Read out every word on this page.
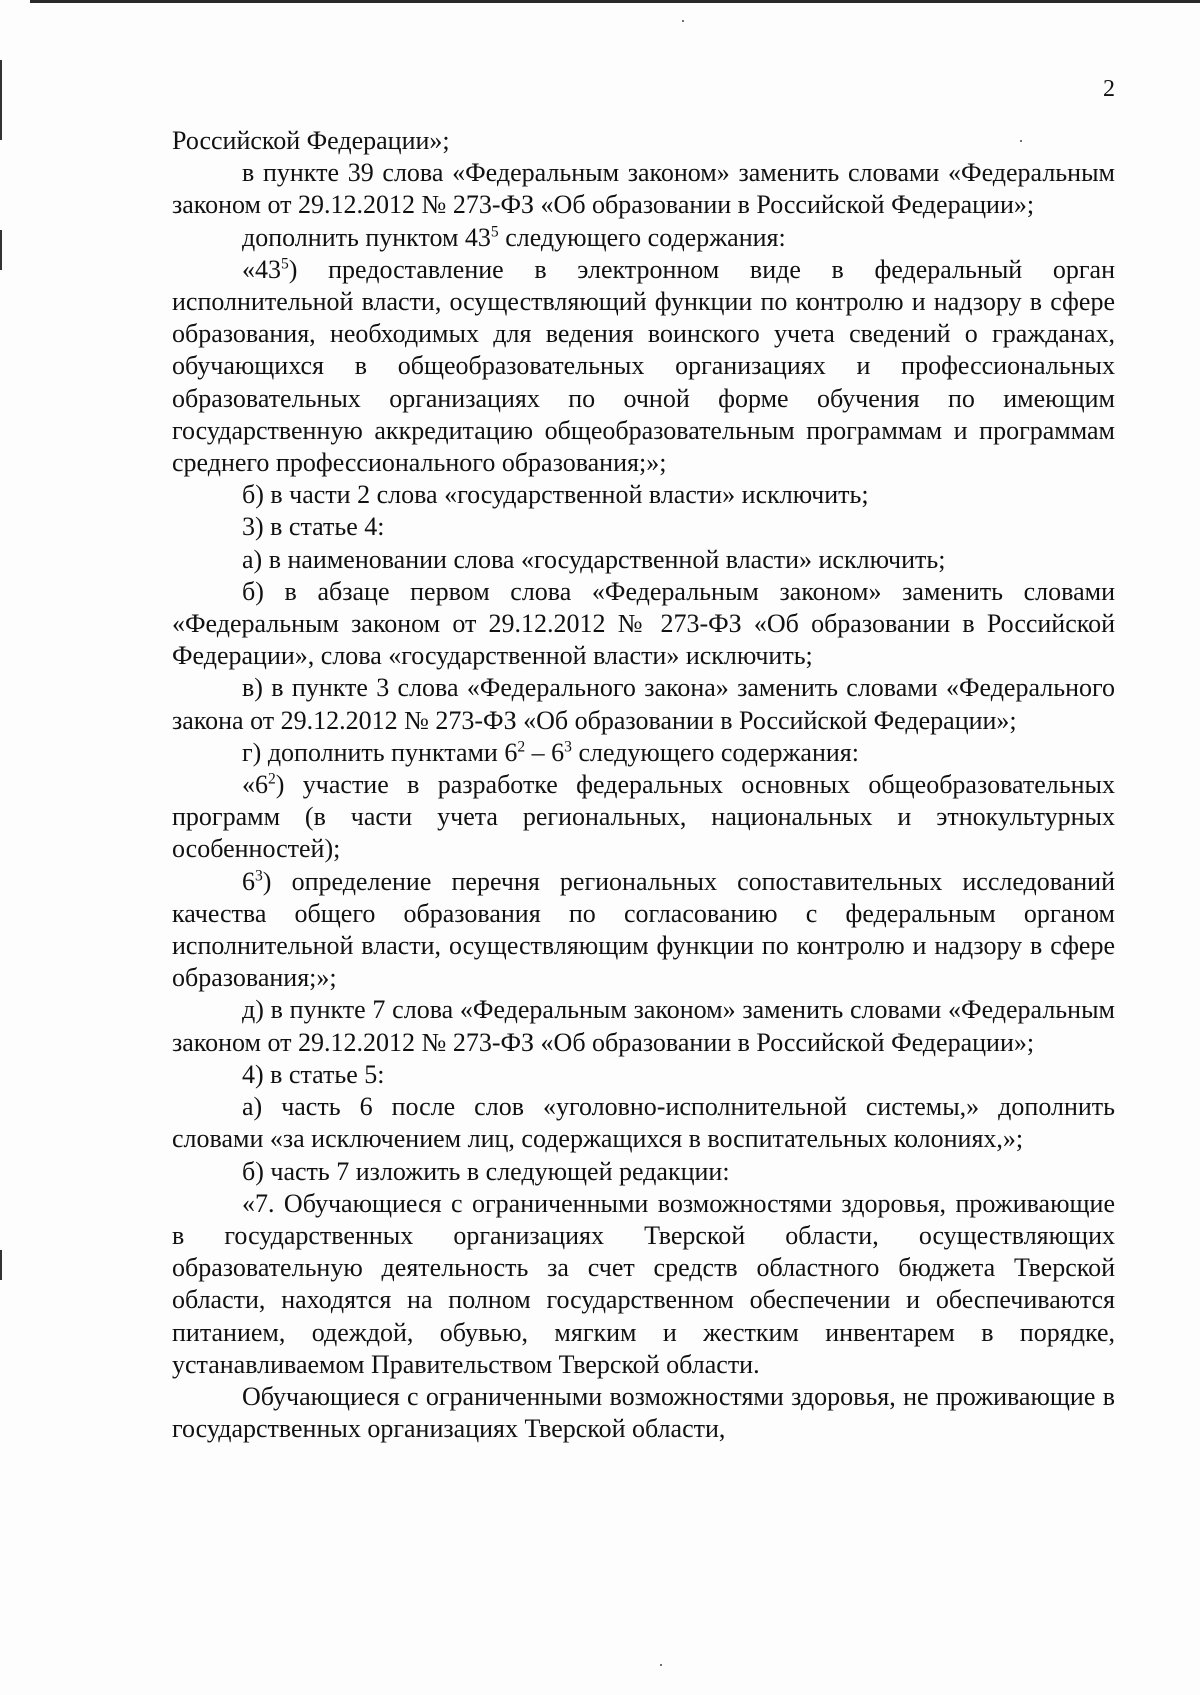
2

Российской Федерации»;

в пункте 39 слова «Федеральным законом» заменить словами «Федеральным законом от 29.12.2012 № 273-ФЗ «Об образовании в Российской Федерации»;

дополнить пунктом $43^5$ следующего содержания:

«$43^5$) предоставление в электронном виде в федеральный орган исполнительной власти, осуществляющий функции по контролю и надзору в сфере образования, необходимых для ведения воинского учета сведений о гражданах, обучающихся в общеобразовательных организациях и профессиональных образовательных организациях по очной форме обучения по имеющим государственную аккредитацию общеобразовательным программам и программам среднего профессионального образования;»;

б) в части 2 слова «государственной власти» исключить;

3) в статье 4:

а) в наименовании слова «государственной власти» исключить;

б) в абзаце первом слова «Федеральным законом» заменить словами «Федеральным законом от 29.12.2012 № 273-ФЗ «Об образовании в Российской Федерации», слова «государственной власти» исключить;

в) в пункте 3 слова «Федерального закона» заменить словами «Федерального закона от 29.12.2012 № 273-ФЗ «Об образовании в Российской Федерации»;

г) дополнить пунктами $6^2 - 6^3$ следующего содержания:

«$6^2$) участие в разработке федеральных основных общеобразовательных программ (в части учета региональных, национальных и этнокультурных особенностей);

$6^3$) определение перечня региональных сопоставительных исследований качества общего образования по согласованию с федеральным органом исполнительной власти, осуществляющим функции по контролю и надзору в сфере образования;»;

д) в пункте 7 слова «Федеральным законом» заменить словами «Федеральным законом от 29.12.2012 № 273-ФЗ «Об образовании в Российской Федерации»;

4) в статье 5:

а) часть 6 после слов «уголовно-исполнительной системы,» дополнить словами «за исключением лиц, содержащихся в воспитательных колониях,»;

б) часть 7 изложить в следующей редакции:

«7. Обучающиеся с ограниченными возможностями здоровья, проживающие в государственных организациях Тверской области, осуществляющих образовательную деятельность за счет средств областного бюджета Тверской области, находятся на полном государственном обеспечении и обеспечиваются питанием, одеждой, обувью, мягким и жестким инвентарем в порядке, устанавливаемом Правительством Тверской области.

Обучающиеся с ограниченными возможностями здоровья, не проживающие в государственных организациях Тверской области,
